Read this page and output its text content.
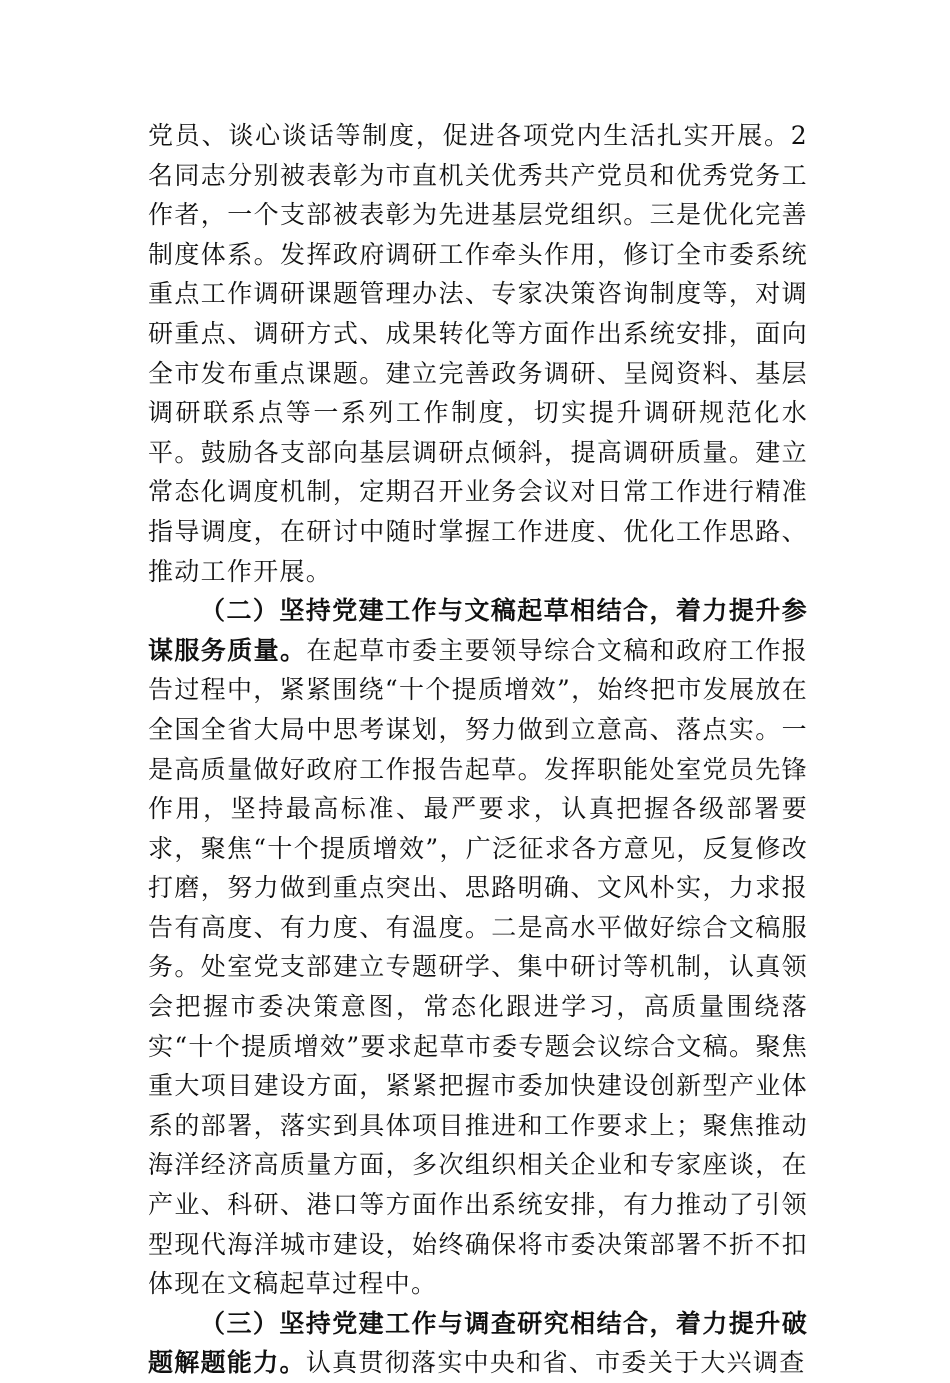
党员、谈心谈话等制度，促进各项党内生活扎实开展。2名同志分别被表彰为市直机关优秀共产党员和优秀党务工作者，一个支部被表彰为先进基层党组织。三是优化完善制度体系。发挥政府调研工作牵头作用，修订全市委系统重点工作调研课题管理办法、专家决策咨询制度等，对调研重点、调研方式、成果转化等方面作出系统安排，面向全市发布重点课题。建立完善政务调研、呈阅资料、基层调研联系点等一系列工作制度，切实提升调研规范化水平。鼓励各支部向基层调研点倾斜，提高调研质量。建立常态化调度机制，定期召开业务会议对日常工作进行精准指导调度，在研讨中随时掌握工作进度、优化工作思路、推动工作开展。

（二）坚持党建工作与文稿起草相结合，着力提升参谋服务质量。在起草市委主要领导综合文稿和政府工作报告过程中，紧紧围绕“十个提质增效”，始终把市发展放在全国全省大局中思考谋划，努力做到立意高、落点实。一是高质量做好政府工作报告起草。发挥职能处室党员先锋作用，坚持最高标准、最严要求，认真把握各级部署要求，聚焦“十个提质增效”，广泛征求各方意见，反复修改打磨，努力做到重点突出、思路明确、文风朴实，力求报告有高度、有力度、有温度。二是高水平做好综合文稿服务。处室党支部建立专题研学、集中研讨等机制，认真领会把握市委决策意图，常态化跟进学习，高质量围绕落实“十个提质增效”要求起草市委专题会议综合文稿。聚焦重大项目建设方面，紧紧把握市委加快建设创新型产业体系的部署，落实到具体项目推进和工作要求上；聚焦推动海洋经济高质量方面，多次组织相关企业和专家座谈，在产业、科研、港口等方面作出系统安排，有力推动了引领型现代海洋城市建设，始终确保将市委决策部署不折不扣体现在文稿起草过程中。

（三）坚持党建工作与调查研究相结合，着力提升破题解题能力。认真贯彻落实中央和省、市委关于大兴调查
